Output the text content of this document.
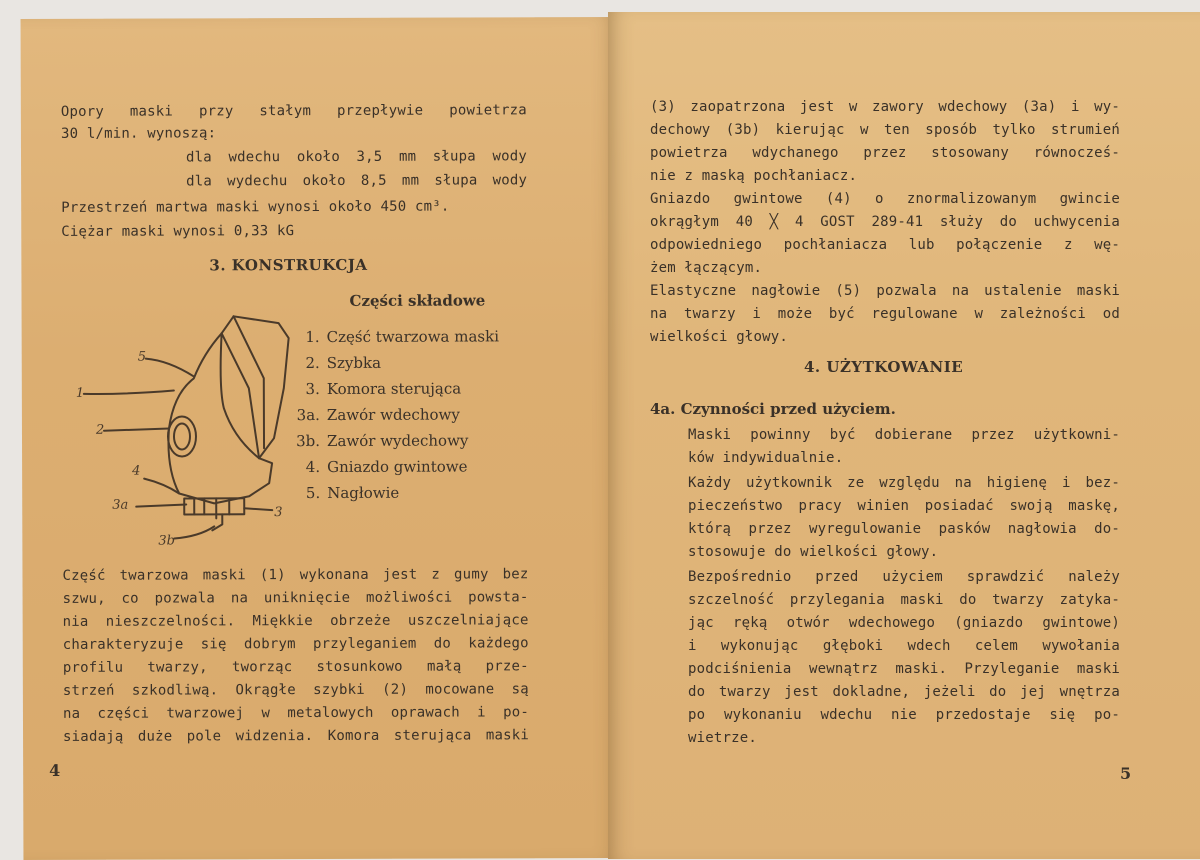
Opory maski przy stałym przepływie powietrza
30 l/min. wynoszą:
dla wdechu około 3,5 mm słupa wody
dla wydechu około 8,5 mm słupa wody
Przestrzeń martwa maski wynosi około 450 cm³.
Ciężar maski wynosi 0,33 kG
3. KONSTRUKCJA
Części składowe
1. Część twarzowa maski
2. Szybka
3. Komora sterująca
3a. Zawór wdechowy
3b. Zawór wydechowy
4. Gniazdo gwintowe
5. Nagłowie
5
1
2
4
3a	3
3b
Część twarzowa maski (1) wykonana jest z gumy bez
szwu, co pozwala na uniknięcie możliwości powsta-
nia nieszczelności. Miękkie obrzeże uszczelniające
charakteryzuje się dobrym przyleganiem do każdego
profilu twarzy, tworząc stosunkowo małą prze-
strzeń szkodliwą. Okrągłe szybki (2) mocowane są
na części twarzowej w metalowych oprawach i po-
siadają duże pole widzenia. Komora sterująca maski
4
(3) zaopatrzona jest w zawory wdechowy (3a) i wy-
dechowy (3b) kierując w ten sposób tylko strumień
powietrza wdychanego przez stosowany równocześ-
nie z maską pochłaniacz.
Gniazdo gwintowe (4) o znormalizowanym gwincie
okrągłym 40 ╳ 4 GOST 289-41 służy do uchwycenia
odpowiedniego pochłaniacza lub połączenie z wę-
żem łączącym.
Elastyczne nagłowie (5) pozwala na ustalenie maski
na twarzy i może być regulowane w zależności od
wielkości głowy.
4. UŻYTKOWANIE
4a. Czynności przed użyciem.
Maski powinny być dobierane przez użytkowni-
ków indywidualnie.
Każdy użytkownik ze względu na higienę i bez-
pieczeństwo pracy winien posiadać swoją maskę,
którą przez wyregulowanie pasków nagłowia do-
stosowuje do wielkości głowy.
Bezpośrednio przed użyciem sprawdzić należy
szczelność przylegania maski do twarzy zatyka-
jąc ręką otwór wdechowego (gniazdo gwintowe)
i wykonując głęboki wdech celem wywołania
podciśnienia wewnątrz maski. Przyleganie maski
do twarzy jest dokladne, jeżeli do jej wnętrza
po wykonaniu wdechu nie przedostaje się po-
wietrze.
5
